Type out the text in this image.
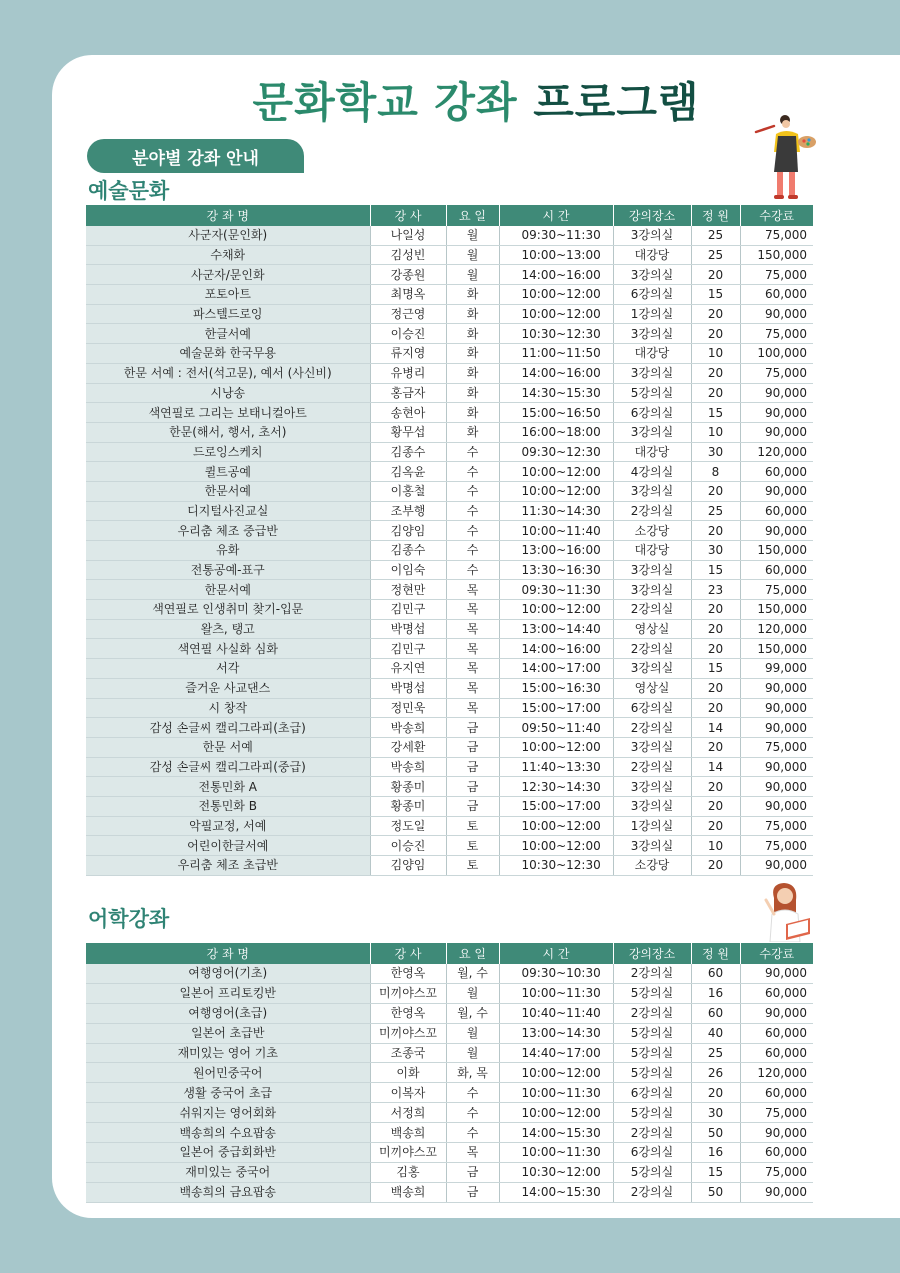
문화학교 강좌 프로그램
분야별 강좌 안내
예술문화
강 좌 명	강 사	요 일	시 간	강의장소	정 원	수강료
사군자(문인화)	나일성	월	09:30~11:30	3강의실	25	75,000
수채화	김성빈	월	10:00~13:00	대강당	25	150,000
사군자/문인화	강종원	월	14:00~16:00	3강의실	20	75,000
포토아트	최명옥	화	10:00~12:00	6강의실	15	60,000
파스텔드로잉	정근영	화	10:00~12:00	1강의실	20	90,000
한글서예	이승진	화	10:30~12:30	3강의실	20	75,000
예술문화 한국무용	류지영	화	11:00~11:50	대강당	10	100,000
한문 서예 : 전서(석고문), 예서 (사신비)	유병리	화	14:00~16:00	3강의실	20	75,000
시낭송	홍금자	화	14:30~15:30	5강의실	20	90,000
색연필로 그리는 보태니컬아트	송현아	화	15:00~16:50	6강의실	15	90,000
한문(해서, 행서, 초서)	황무섭	화	16:00~18:00	3강의실	10	90,000
드로잉스케치	김종수	수	09:30~12:30	대강당	30	120,000
퀼트공예	김옥윤	수	10:00~12:00	4강의실	8	60,000
한문서예	이홍철	수	10:00~12:00	3강의실	20	90,000
디지털사진교실	조부행	수	11:30~14:30	2강의실	25	60,000
우리춤 체조 중급반	김양임	수	10:00~11:40	소강당	20	90,000
유화	김종수	수	13:00~16:00	대강당	30	150,000
전통공예-표구	이임숙	수	13:30~16:30	3강의실	15	60,000
한문서예	정현만	목	09:30~11:30	3강의실	23	75,000
색연필로 인생취미 찾기-입문	김민구	목	10:00~12:00	2강의실	20	150,000
왈츠, 탱고	박명섭	목	13:00~14:40	영상실	20	120,000
색연필 사실화 심화	김민구	목	14:00~16:00	2강의실	20	150,000
서각	유지연	목	14:00~17:00	3강의실	15	99,000
즐거운 사교댄스	박명섭	목	15:00~16:30	영상실	20	90,000
시 창작	정민욱	목	15:00~17:00	6강의실	20	90,000
감성 손글씨 캘리그라피(초급)	박송희	금	09:50~11:40	2강의실	14	90,000
한문 서예	강세환	금	10:00~12:00	3강의실	20	75,000
감성 손글씨 캘리그라피(중급)	박송희	금	11:40~13:30	2강의실	14	90,000
전통민화 A	황종미	금	12:30~14:30	3강의실	20	90,000
전통민화 B	황종미	금	15:00~17:00	3강의실	20	90,000
악필교정, 서예	정도일	토	10:00~12:00	1강의실	20	75,000
어린이한글서예	이승진	토	10:00~12:00	3강의실	10	75,000
우리춤 체조 초급반	김양임	토	10:30~12:30	소강당	20	90,000
어학강좌
강 좌 명	강 사	요 일	시 간	강의장소	정 원	수강료
여행영어(기초)	한영옥	월, 수	09:30~10:30	2강의실	60	90,000
일본어 프리토킹반	미끼야스꼬	월	10:00~11:30	5강의실	16	60,000
여행영어(초급)	한영옥	월, 수	10:40~11:40	2강의실	60	90,000
일본어 초급반	미끼야스꼬	월	13:00~14:30	5강의실	40	60,000
재미있는 영어 기초	조종국	월	14:40~17:00	5강의실	25	60,000
원어민중국어	이화	화, 목	10:00~12:00	5강의실	26	120,000
생활 중국어 초급	이복자	수	10:00~11:30	6강의실	20	60,000
쉬워지는 영어회화	서정희	수	10:00~12:00	5강의실	30	75,000
백송희의 수요팝송	백송희	수	14:00~15:30	2강의실	50	90,000
일본어 중급회화반	미끼야스꼬	목	10:00~11:30	6강의실	16	60,000
재미있는 중국어	김홍	금	10:30~12:00	5강의실	15	75,000
백송희의 금요팝송	백송희	금	14:00~15:30	2강의실	50	90,000
